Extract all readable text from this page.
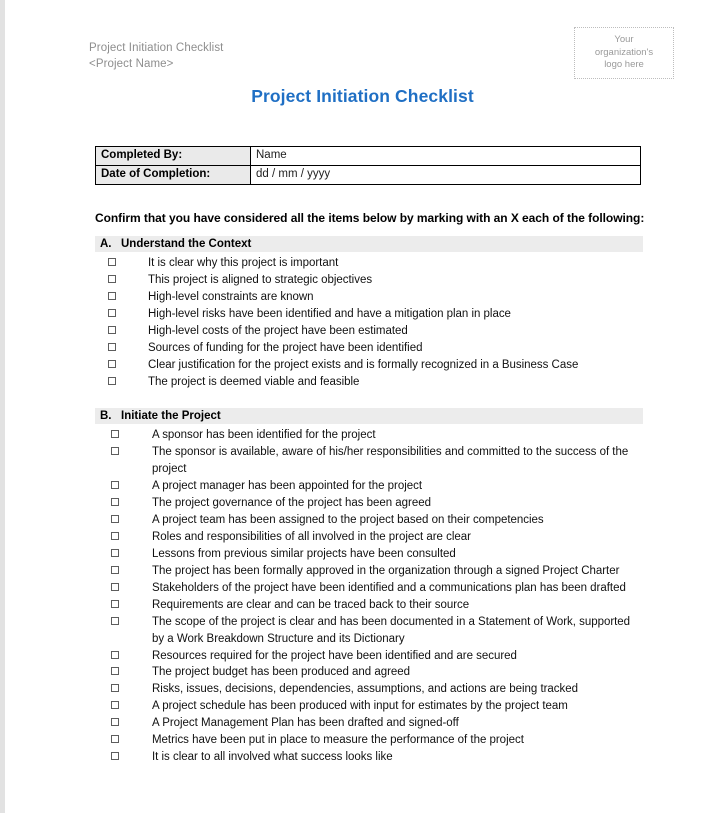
Project Initiation Checklist
<Project Name>
Your
organization's
logo here
Project Initiation Checklist
Completed By:	Name
Date of Completion:	dd / mm / yyyy
Confirm that you have considered all the items below by marking with an X each of the following:
A. Understand the Context
It is clear why this project is important
This project is aligned to strategic objectives
High-level constraints are known
High-level risks have been identified and have a mitigation plan in place
High-level costs of the project have been estimated
Sources of funding for the project have been identified
Clear justification for the project exists and is formally recognized in a Business Case
The project is deemed viable and feasible
B. Initiate the Project
A sponsor has been identified for the project
The sponsor is available, aware of his/her responsibilities and committed to the success of the project
A project manager has been appointed for the project
The project governance of the project has been agreed
A project team has been assigned to the project based on their competencies
Roles and responsibilities of all involved in the project are clear
Lessons from previous similar projects have been consulted
The project has been formally approved in the organization through a signed Project Charter
Stakeholders of the project have been identified and a communications plan has been drafted
Requirements are clear and can be traced back to their source
The scope of the project is clear and has been documented in a Statement of Work, supported by a Work Breakdown Structure and its Dictionary
Resources required for the project have been identified and are secured
The project budget has been produced and agreed
Risks, issues, decisions, dependencies, assumptions, and actions are being tracked
A project schedule has been produced with input for estimates by the project team
A Project Management Plan has been drafted and signed-off
Metrics have been put in place to measure the performance of the project
It is clear to all involved what success looks like
